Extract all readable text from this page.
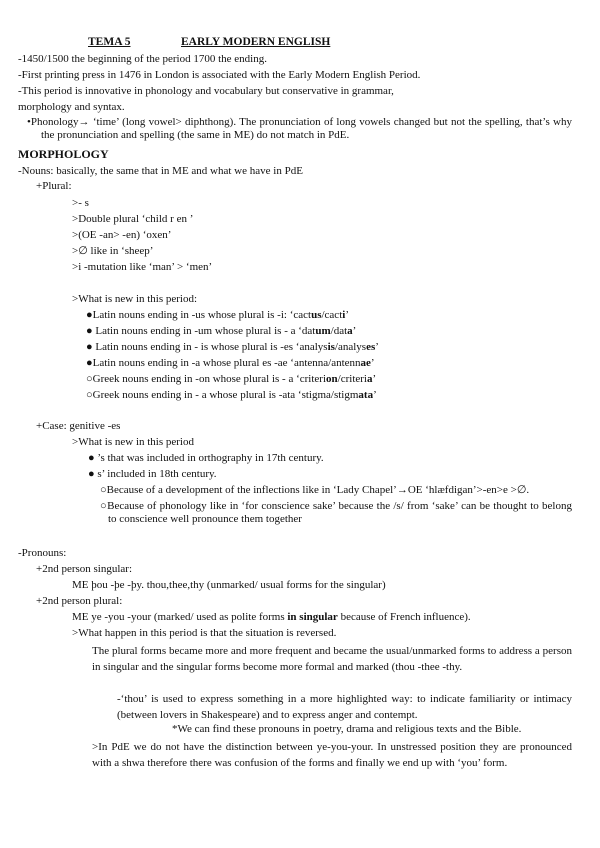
TEMA 5	EARLY MODERN ENGLISH
-1450/1500 the beginning of the period 1700 the ending.
-First printing press in 1476 in London is associated with the Early Modern English Period.
-This period is innovative in phonology and vocabulary but conservative in grammar,
morphology and syntax.
•Phonology→ ‘time’ (long vowel> diphthong). The pronunciation of long vowels changed but not the spelling, that’s why the pronunciation and spelling (the same in ME) do not match in PdE.
MORPHOLOGY
-Nouns: basically, the same that in ME and what we have in PdE
+Plural:
>- s
>Double plural ‘child r en ’
>(OE -an> -en) ‘oxen’
>∅ like in ‘sheep’
>i -mutation like ‘man’ > ‘men’
>What is new in this period:
●Latin nouns ending in -us whose plural is -i: ‘cactus/cacti’
● Latin nouns ending in -um whose plural is - a ‘datum/data’
● Latin nouns ending in - is whose plural is -es ‘analysis/analyses’
●Latin nouns ending in -a whose plural es -ae ‘antenna/antennae’
○Greek nouns ending in -on whose plural is - a ‘criterion/criteria’
○Greek nouns ending in - a whose plural is -ata ‘stigma/stigmata’
+Case: genitive -es
>What is new in this period
● ’s that was included in orthography in 17th century.
● s’ included in 18th century.
○Because of a development of the inflections like in ‘Lady Chapel’→OE ‘hlæfdigan’>-en>e >∅.
○Because of phonology like in ‘for conscience sake’ because the /s/ from ‘sake’ can be thought to belong to conscience well pronounce them together
-Pronouns:
+2nd person singular:
ME þou -þe -þy. thou,thee,thy (unmarked/ usual forms for the singular)
+2nd person plural:
ME ye -you -your (marked/ used as polite forms in singular because of French influence).
>What happen in this period is that the situation is reversed.
The plural forms became more and more frequent and became the usual/unmarked forms to address a person in singular and the singular forms become more formal and marked (thou -thee -thy.
-‘thou’ is used to express something in a more highlighted way: to indicate familiarity or intimacy (between lovers in Shakespeare) and to express anger and contempt.
*We can find these pronouns in poetry, drama and religious texts and the Bible.
>In PdE we do not have the distinction between ye-you-your. In unstressed position they are pronounced with a shwa therefore there was confusion of the forms and finally we end up with ‘you’ form.
